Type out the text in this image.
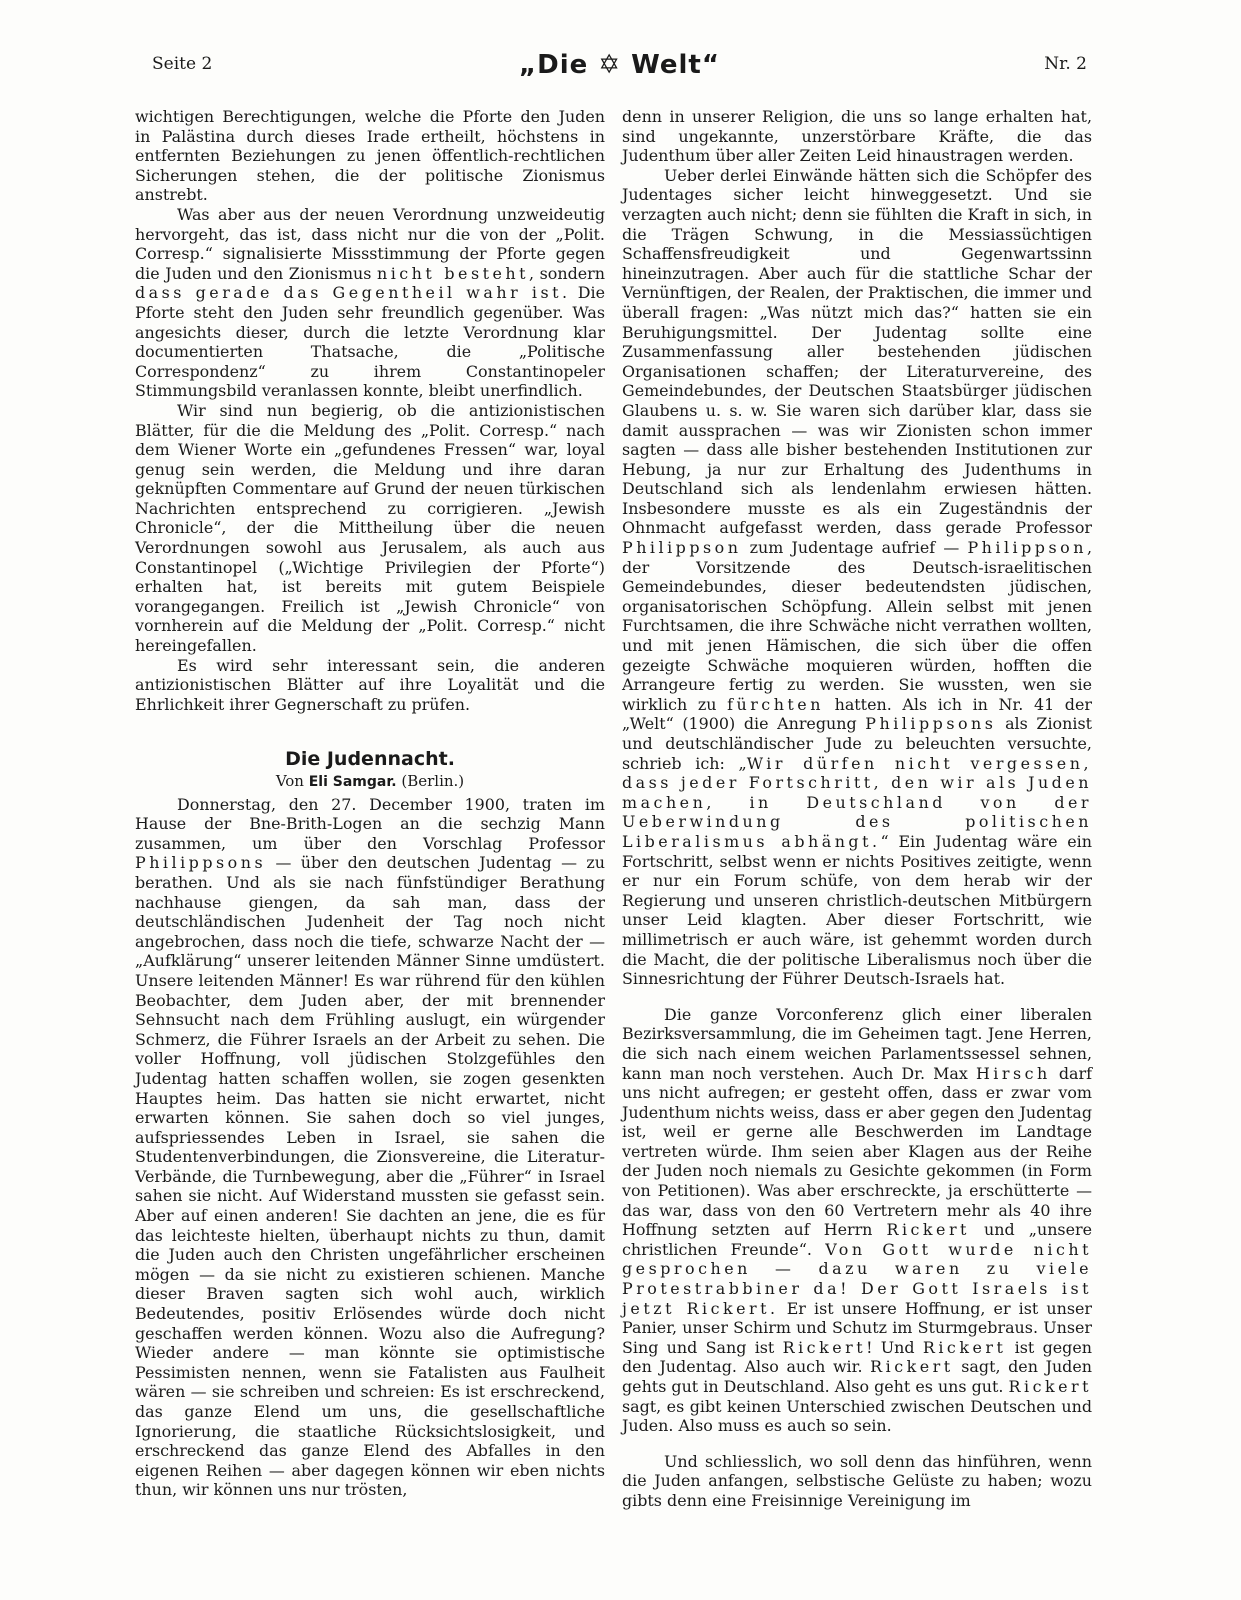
Seite 2	„Die ✡ Welt“	Nr. 2

wichtigen Berechtigungen, welche die Pforte den Juden in Palästina durch dieses Irade ertheilt, höchstens in entfernten Beziehungen zu jenen öffentlich-rechtlichen Sicherungen stehen, die der politische Zionismus anstrebt.

Was aber aus der neuen Verordnung unzweideutig hervorgeht, das ist, dass nicht nur die von der „Polit. Corresp.“ signalisierte Missstimmung der Pforte gegen die Juden und den Zionismus nicht besteht, sondern dass gerade das Gegentheil wahr ist. Die Pforte steht den Juden sehr freundlich gegenüber. Was angesichts dieser, durch die letzte Verordnung klar documentierten Thatsache, die „Politische Correspondenz“ zu ihrem Constantinopeler Stimmungsbild veranlassen konnte, bleibt unerfindlich.

Wir sind nun begierig, ob die antizionistischen Blätter, für die die Meldung des „Polit. Corresp.“ nach dem Wiener Worte ein „gefundenes Fressen“ war, loyal genug sein werden, die Meldung und ihre daran geknüpften Commentare auf Grund der neuen türkischen Nachrichten entsprechend zu corrigieren. „Jewish Chronicle“, der die Mittheilung über die neuen Verordnungen sowohl aus Jerusalem, als auch aus Constantinopel („Wichtige Privilegien der Pforte“) erhalten hat, ist bereits mit gutem Beispiele vorangegangen. Freilich ist „Jewish Chronicle“ von vornherein auf die Meldung der „Polit. Corresp.“ nicht hereingefallen.

Es wird sehr interessant sein, die anderen antizionistischen Blätter auf ihre Loyalität und die Ehrlichkeit ihrer Gegnerschaft zu prüfen.

Die Judennacht.
Von Eli Samgar. (Berlin.)

Donnerstag, den 27. December 1900, traten im Hause der Bne-Brith-Logen an die sechzig Mann zusammen, um über den Vorschlag Professor Philippsons — über den deutschen Judentag — zu berathen. Und als sie nach fünfstündiger Berathung nachhause giengen, da sah man, dass der deutschländischen Judenheit der Tag noch nicht angebrochen, dass noch die tiefe, schwarze Nacht der — „Aufklärung“ unserer leitenden Männer Sinne umdüstert. Unsere leitenden Männer! Es war rührend für den kühlen Beobachter, dem Juden aber, der mit brennender Sehnsucht nach dem Frühling auslugt, ein würgender Schmerz, die Führer Israels an der Arbeit zu sehen. Die voller Hoffnung, voll jüdischen Stolzgefühles den Judentag hatten schaffen wollen, sie zogen gesenkten Hauptes heim. Das hatten sie nicht erwartet, nicht erwarten können. Sie sahen doch so viel junges, aufspriessendes Leben in Israel, sie sahen die Studentenverbindungen, die Zionsvereine, die Literatur-Verbände, die Turnbewegung, aber die „Führer“ in Israel sahen sie nicht. Auf Widerstand mussten sie gefasst sein. Aber auf einen anderen! Sie dachten an jene, die es für das leichteste hielten, überhaupt nichts zu thun, damit die Juden auch den Christen ungefährlicher erscheinen mögen — da sie nicht zu existieren schienen. Manche dieser Braven sagten sich wohl auch, wirklich Bedeutendes, positiv Erlösendes würde doch nicht geschaffen werden können. Wozu also die Aufregung? Wieder andere — man könnte sie optimistische Pessimisten nennen, wenn sie Fatalisten aus Faulheit wären — sie schreiben und schreien: Es ist erschreckend, das ganze Elend um uns, die gesellschaftliche Ignorierung, die staatliche Rücksichtslosigkeit, und erschreckend das ganze Elend des Abfalles in den eigenen Reihen — aber dagegen können wir eben nichts thun, wir können uns nur trösten,

denn in unserer Religion, die uns so lange erhalten hat, sind ungekannte, unzerstörbare Kräfte, die das Judenthum über aller Zeiten Leid hinaustragen werden.

Ueber derlei Einwände hätten sich die Schöpfer des Judentages sicher leicht hinweggesetzt. Und sie verzagten auch nicht; denn sie fühlten die Kraft in sich, in die Trägen Schwung, in die Messiassüchtigen Schaffensfreudigkeit und Gegenwartssinn hineinzutragen. Aber auch für die stattliche Schar der Vernünftigen, der Realen, der Praktischen, die immer und überall fragen: „Was nützt mich das?“ hatten sie ein Beruhigungsmittel. Der Judentag sollte eine Zusammenfassung aller bestehenden jüdischen Organisationen schaffen; der Literaturvereine, des Gemeindebundes, der Deutschen Staatsbürger jüdischen Glaubens u. s. w. Sie waren sich darüber klar, dass sie damit aussprachen — was wir Zionisten schon immer sagten — dass alle bisher bestehenden Institutionen zur Hebung, ja nur zur Erhaltung des Judenthums in Deutschland sich als lendenlahm erwiesen hätten. Insbesondere musste es als ein Zugeständnis der Ohnmacht aufgefasst werden, dass gerade Professor Philippson zum Judentage aufrief — Philippson, der Vorsitzende des Deutsch-israelitischen Gemeindebundes, dieser bedeutendsten jüdischen, organisatorischen Schöpfung. Allein selbst mit jenen Furchtsamen, die ihre Schwäche nicht verrathen wollten, und mit jenen Hämischen, die sich über die offen gezeigte Schwäche moquieren würden, hofften die Arrangeure fertig zu werden. Sie wussten, wen sie wirklich zu fürchten hatten. Als ich in Nr. 41 der „Welt“ (1900) die Anregung Philippsons als Zionist und deutschländischer Jude zu beleuchten versuchte, schrieb ich: „Wir dürfen nicht vergessen, dass jeder Fortschritt, den wir als Juden machen, in Deutschland von der Ueberwindung des politischen Liberalismus abhängt.“ Ein Judentag wäre ein Fortschritt, selbst wenn er nichts Positives zeitigte, wenn er nur ein Forum schüfe, von dem herab wir der Regierung und unseren christlich-deutschen Mitbürgern unser Leid klagten. Aber dieser Fortschritt, wie millimetrisch er auch wäre, ist gehemmt worden durch die Macht, die der politische Liberalismus noch über die Sinnesrichtung der Führer Deutsch-Israels hat.

Die ganze Vorconferenz glich einer liberalen Bezirksversammlung, die im Geheimen tagt. Jene Herren, die sich nach einem weichen Parlamentssessel sehnen, kann man noch verstehen. Auch Dr. Max Hirsch darf uns nicht aufregen; er gesteht offen, dass er zwar vom Judenthum nichts weiss, dass er aber gegen den Judentag ist, weil er gerne alle Beschwerden im Landtage vertreten würde. Ihm seien aber Klagen aus der Reihe der Juden noch niemals zu Gesichte gekommen (in Form von Petitionen). Was aber erschreckte, ja erschütterte — das war, dass von den 60 Vertretern mehr als 40 ihre Hoffnung setzten auf Herrn Rickert und „unsere christlichen Freunde“. Von Gott wurde nicht gesprochen — dazu waren zu viele Protestrabbiner da! Der Gott Israels ist jetzt Rickert. Er ist unsere Hoffnung, er ist unser Panier, unser Schirm und Schutz im Sturmgebraus. Unser Sing und Sang ist Rickert! Und Rickert ist gegen den Judentag. Also auch wir. Rickert sagt, den Juden gehts gut in Deutschland. Also geht es uns gut. Rickert sagt, es gibt keinen Unterschied zwischen Deutschen und Juden. Also muss es auch so sein.

Und schliesslich, wo soll denn das hinführen, wenn die Juden anfangen, selbstische Gelüste zu haben; wozu gibts denn eine Freisinnige Vereinigung im
